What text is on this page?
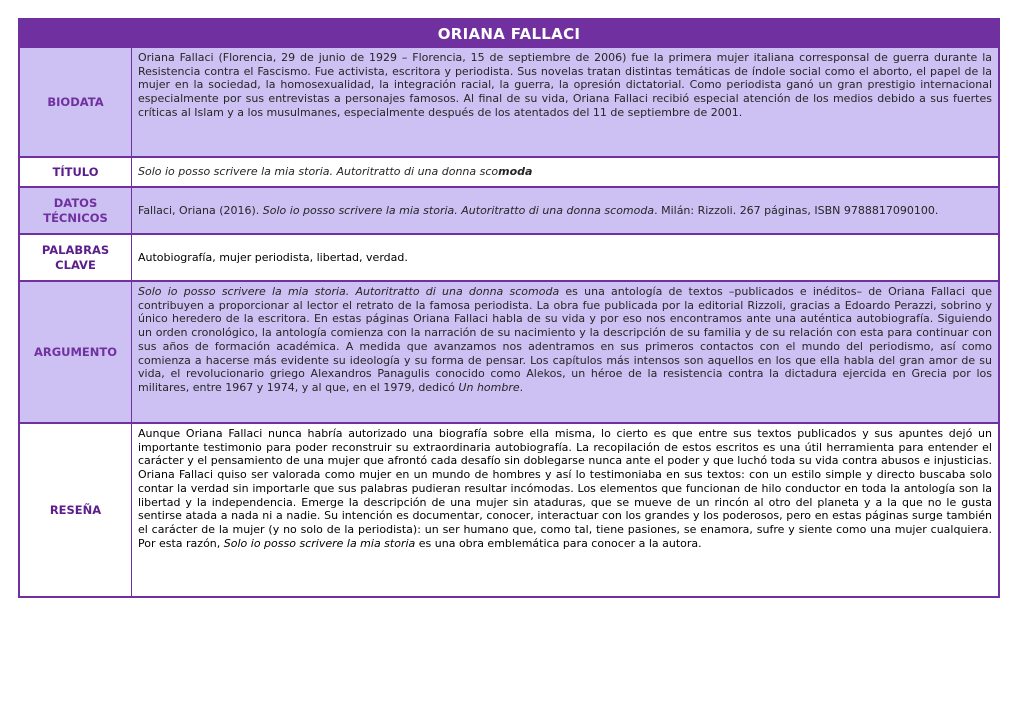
ORIANA FALLACI
BIODATA
Oriana Fallaci (Florencia, 29 de junio de 1929 – Florencia, 15 de septiembre de 2006) fue la primera mujer italiana corresponsal de guerra durante la Resistencia contra el Fascismo. Fue activista, escritora y periodista. Sus novelas tratan distintas temáticas de índole social como el aborto, el papel de la mujer en la sociedad, la homosexualidad, la integración racial, la guerra, la opresión dictatorial. Como periodista ganó un gran prestigio internacional especialmente por sus entrevistas a personajes famosos. Al final de su vida, Oriana Fallaci recibió especial atención de los medios debido a sus fuertes críticas al Islam y a los musulmanes, especialmente después de los atentados del 11 de septiembre de 2001.
TÍTULO	Solo io posso scrivere la mia storia. Autoritratto di una donna scomoda
DATOS TÉCNICOS
Fallaci, Oriana (2016). Solo io posso scrivere la mia storia. Autoritratto di una donna scomoda. Milán: Rizzoli. 267 páginas, ISBN 9788817090100.
PALABRAS CLAVE
Autobiografía, mujer periodista, libertad, verdad.
ARGUMENTO
Solo io posso scrivere la mia storia. Autoritratto di una donna scomoda es una antología de textos –publicados e inéditos– de Oriana Fallaci que contribuyen a proporcionar al lector el retrato de la famosa periodista. La obra fue publicada por la editorial Rizzoli, gracias a Edoardo Perazzi, sobrino y único heredero de la escritora. En estas páginas Oriana Fallaci habla de su vida y por eso nos encontramos ante una auténtica autobiografía. Siguiendo un orden cronológico, la antología comienza con la narración de su nacimiento y la descripción de su familia y de su relación con esta para continuar con sus años de formación académica. A medida que avanzamos nos adentramos en sus primeros contactos con el mundo del periodismo, así como comienza a hacerse más evidente su ideología y su forma de pensar. Los capítulos más intensos son aquellos en los que ella habla del gran amor de su vida, el revolucionario griego Alexandros Panagulis conocido como Alekos, un héroe de la resistencia contra la dictadura ejercida en Grecia por los militares, entre 1967 y 1974, y al que, en el 1979, dedicó Un hombre.
RESEÑA
Aunque Oriana Fallaci nunca habría autorizado una biografía sobre ella misma, lo cierto es que entre sus textos publicados y sus apuntes dejó un importante testimonio para poder reconstruir su extraordinaria autobiografía. La recopilación de estos escritos es una útil herramienta para entender el carácter y el pensamiento de una mujer que afrontó cada desafío sin doblegarse nunca ante el poder y que luchó toda su vida contra abusos e injusticias. Oriana Fallaci quiso ser valorada como mujer en un mundo de hombres y así lo testimoniaba en sus textos: con un estilo simple y directo buscaba solo contar la verdad sin importarle que sus palabras pudieran resultar incómodas. Los elementos que funcionan de hilo conductor en toda la antología son la libertad y la independencia. Emerge la descripción de una mujer sin ataduras, que se mueve de un rincón al otro del planeta y a la que no le gusta sentirse atada a nada ni a nadie. Su intención es documentar, conocer, interactuar con los grandes y los poderosos, pero en estas páginas surge también el carácter de la mujer (y no solo de la periodista): un ser humano que, como tal, tiene pasiones, se enamora, sufre y siente como una mujer cualquiera. Por esta razón, Solo io posso scrivere la mia storia es una obra emblemática para conocer a la autora.
